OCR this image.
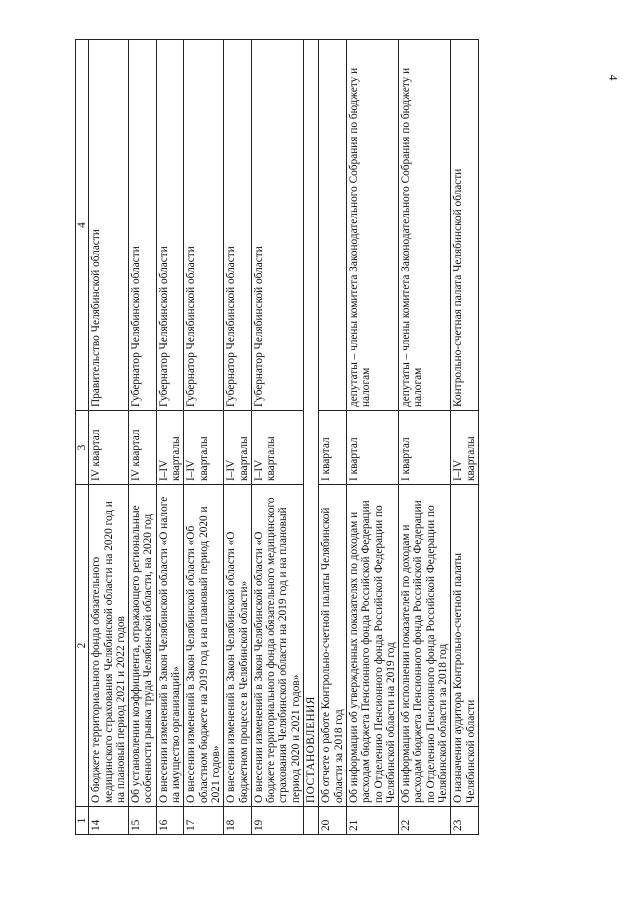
4
1	2	3	4
14	О бюджете территориального фонда обязательного медицинского страхования Челябинской области на 2020 год и на плановый период 2021 и 2022 годов	IV квартал	Правительство Челябинской области
15	Об установлении коэффициента, отражающего региональные особенности рынка труда Челябинской области, на 2020 год	IV квартал	Губернатор Челябинской области
16	О внесении изменений в Закон Челябинской области «О налоге на имущество организаций»	I–IV кварталы	Губернатор Челябинской области
17	О внесении изменений в Закон Челябинской области «Об областном бюджете на 2019 год и на плановый период 2020 и 2021 годов»	I–IV кварталы	Губернатор Челябинской области
18	О внесении изменений в Закон Челябинской области «О бюджетном процессе в Челябинской области»	I–IV кварталы	Губернатор Челябинской области
19	О внесении изменений в Закон Челябинской области «О бюджете территориального фонда обязательного медицинского страхования Челябинской области на 2019 год и на плановый период 2020 и 2021 годов»	I–IV кварталы	Губернатор Челябинской области
	ПОСТАНОВЛЕНИЯ		
20	Об отчете о работе Контрольно-счетной палаты Челябинской области за 2018 год	I квартал	
21	Об информации об утвержденных показателях по доходам и расходам бюджета Пенсионного фонда Российской Федерации по Отделению Пенсионного фонда Российской Федерации по Челябинской области на 2019 год	I квартал	депутаты – члены комитета Законодательного Собрания по бюджету и налогам
22	Об информации об исполнении показателей по доходам и расходам бюджета Пенсионного фонда Российской Федерации по Отделению Пенсионного фонда Российской Федерации по Челябинской области за 2018 год	I квартал	депутаты – члены комитета Законодательного Собрания по бюджету и налогам
23	О назначении аудитора Контрольно-счетной палаты Челябинской области	I–IV кварталы	Контрольно-счетная палата Челябинской области
